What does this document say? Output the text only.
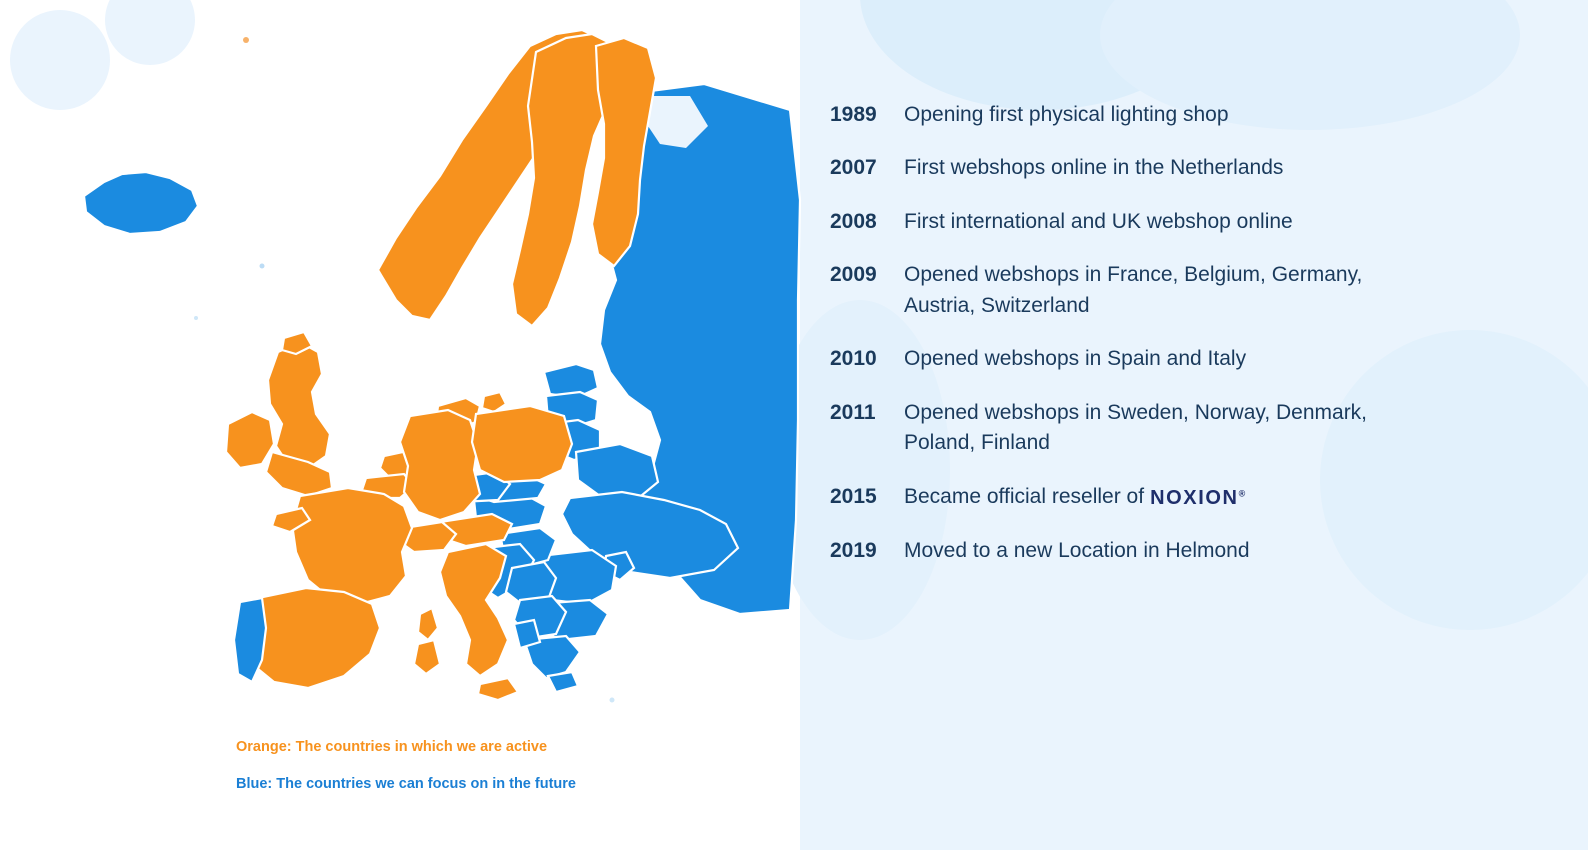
Orange: The countries in which we are active
Blue: The countries we can focus on in the future
1989	Opening first physical lighting shop
2007	First webshops online in the Netherlands
2008	First international and UK webshop online
2009	Opened webshops in France, Belgium, Germany,
Austria, Switzerland
2010	Opened webshops in Spain and Italy
2011	Opened webshops in Sweden, Norway, Denmark,
Poland, Finland
2015	Became official reseller of NOXION®
2019	Moved to a new Location in Helmond
